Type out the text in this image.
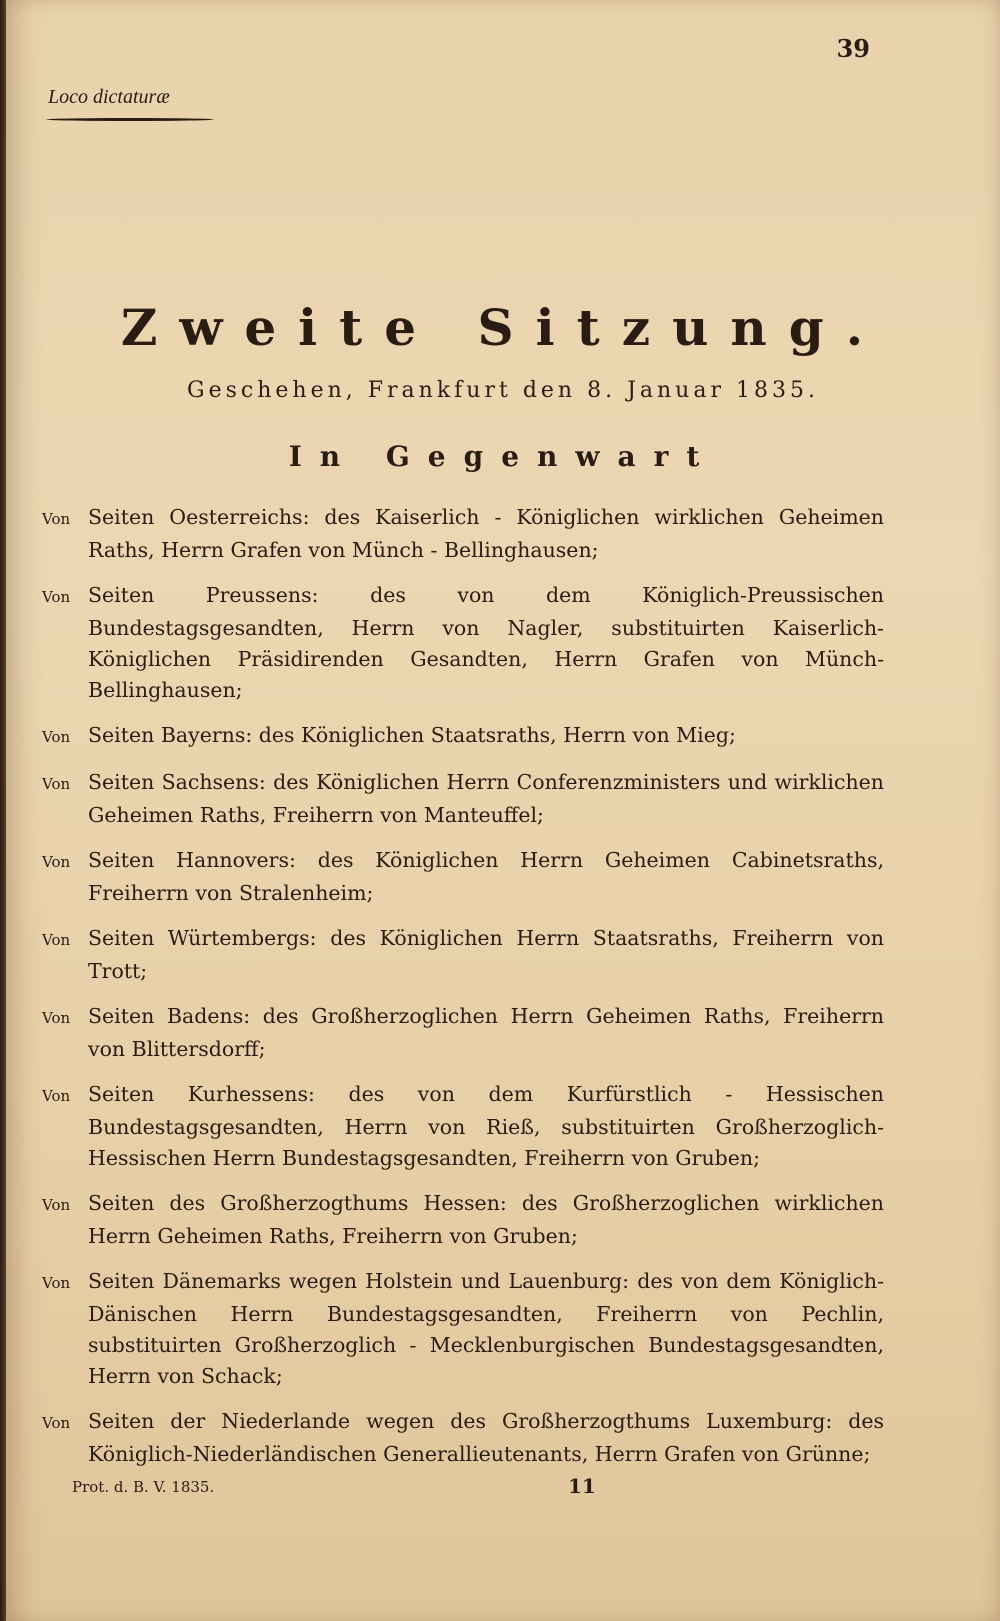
39
Loco dictaturæ
Zweite Sitzung.
Geschehen, Frankfurt den 8. Januar 1835.
In Gegenwart

Von Seiten Oesterreichs: des Kaiserlich - Königlichen wirklichen Geheimen Raths, Herrn Grafen von Münch - Bellinghausen;

Von Seiten Preussens: des von dem Königlich-Preussischen Bundestagsgesandten, Herrn von Nagler, substituirten Kaiserlich-Königlichen Präsidirenden Gesandten, Herrn Grafen von Münch-Bellinghausen;

Von Seiten Bayerns: des Königlichen Staatsraths, Herrn von Mieg;

Von Seiten Sachsens: des Königlichen Herrn Conferenzministers und wirklichen Geheimen Raths, Freiherrn von Manteuffel;

Von Seiten Hannovers: des Königlichen Herrn Geheimen Cabinetsraths, Freiherrn von Stralenheim;

Von Seiten Würtembergs: des Königlichen Herrn Staatsraths, Freiherrn von Trott;

Von Seiten Badens: des Großherzoglichen Herrn Geheimen Raths, Freiherrn von Blittersdorff;

Von Seiten Kurhessens: des von dem Kurfürstlich - Hessischen Bundestagsgesandten, Herrn von Rieß, substituirten Großherzoglich-Hessischen Herrn Bundestagsgesandten, Freiherrn von Gruben;

Von Seiten des Großherzogthums Hessen: des Großherzoglichen wirklichen Herrn Geheimen Raths, Freiherrn von Gruben;

Von Seiten Dänemarks wegen Holstein und Lauenburg: des von dem Königlich-Dänischen Herrn Bundestagsgesandten, Freiherrn von Pechlin, substituirten Großherzoglich - Mecklenburgischen Bundestagsgesandten, Herrn von Schack;

Von Seiten der Niederlande wegen des Großherzogthums Luxemburg: des Königlich-Niederländischen Generallieutenants, Herrn Grafen von Grünne;

Prot. d. B. V. 1835.	11
